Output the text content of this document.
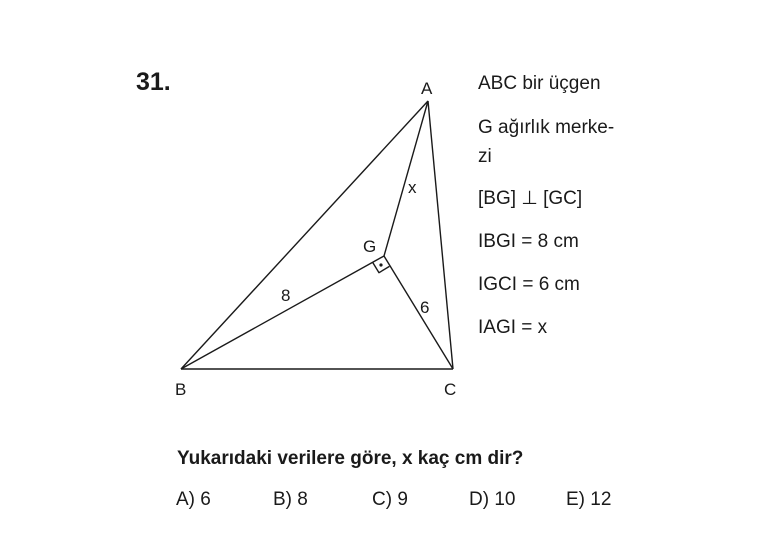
31.	A
B	C
G
8
6
x
ABC bir üçgen
G ağırlık merke-
zi
[BG] ⊥ [GC]
IBGI = 8 cm
IGCI = 6 cm
IAGI = x
Yukarıdaki verilere göre, x kaç cm dir?
A) 6	B) 8	C) 9	D) 10	E) 12
